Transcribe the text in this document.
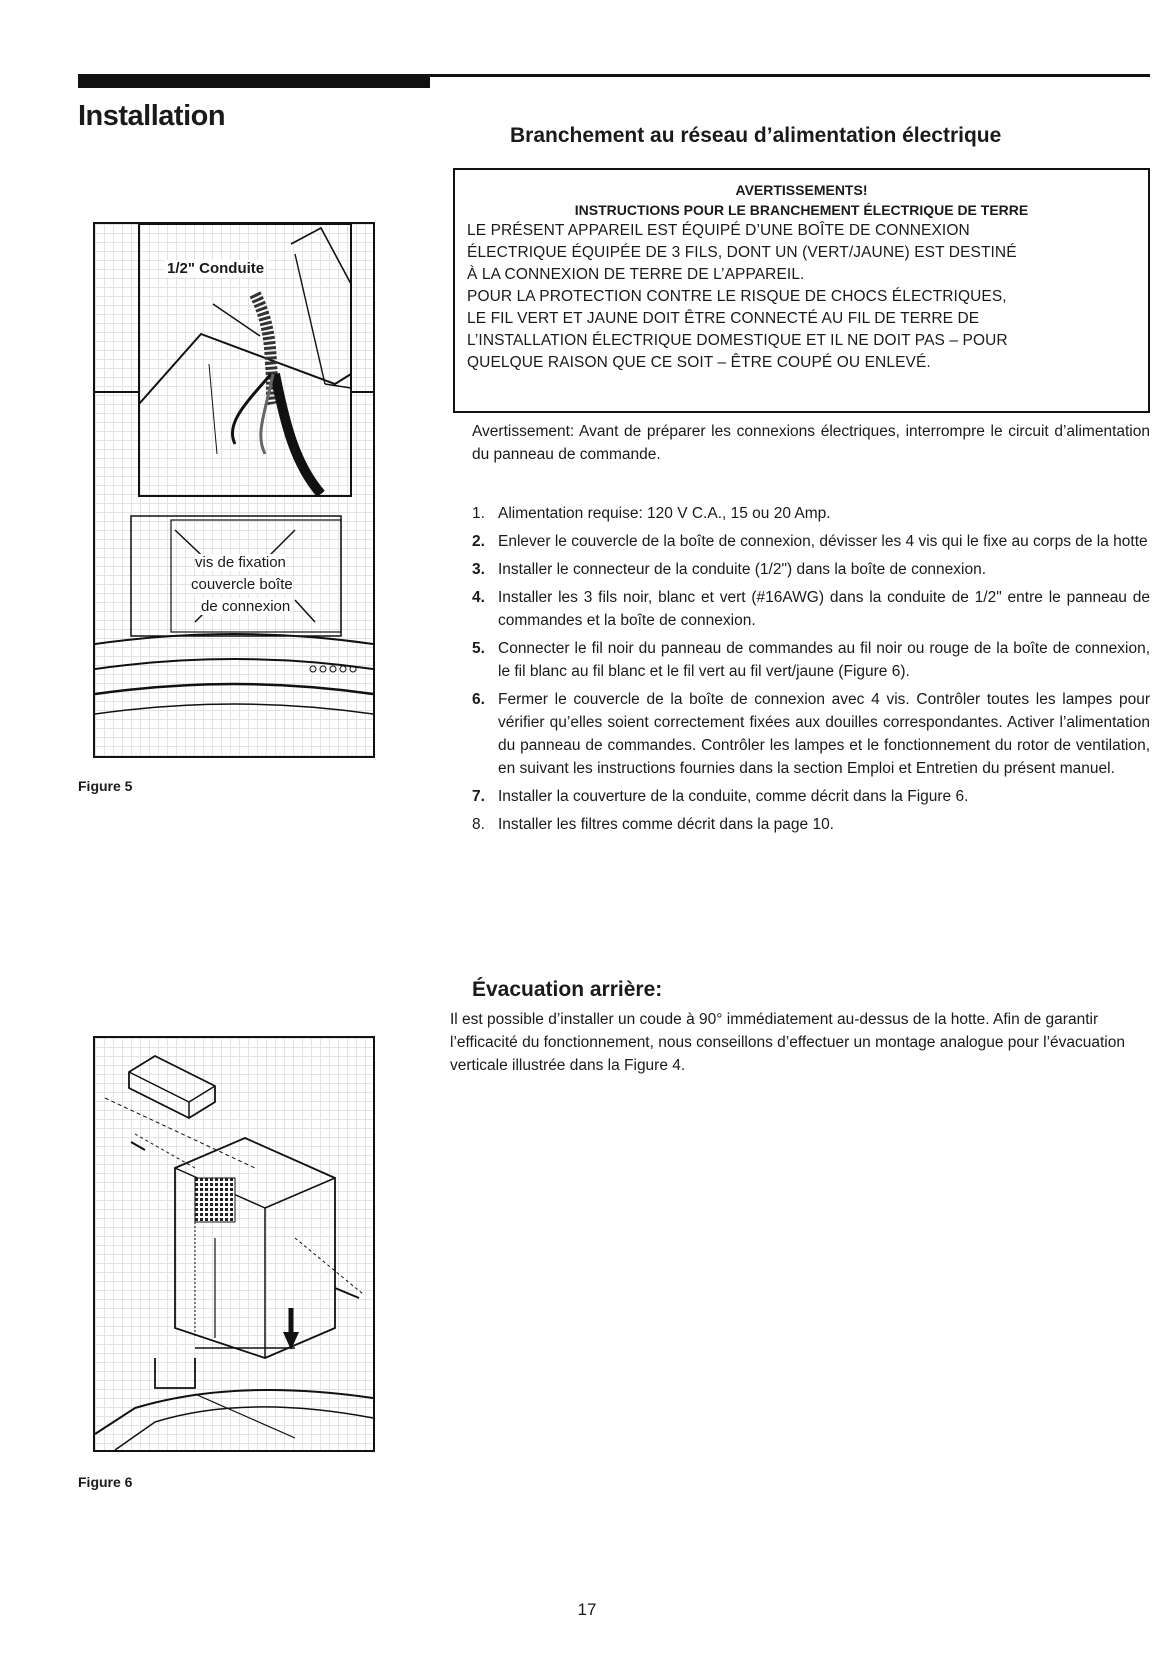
Installation
1/2" Conduite
vis de fixation
couvercle boîte
de connexion
Figure 5
Figure 6
Branchement au réseau d’alimentation électrique
AVERTISSEMENTS!
INSTRUCTIONS POUR LE BRANCHEMENT ÉLECTRIQUE DE TERRE
LE PRÉSENT APPAREIL EST ÉQUIPÉ D’UNE BOÎTE DE CONNEXION
ÉLECTRIQUE ÉQUIPÉE DE 3 FILS, DONT UN (VERT/JAUNE) EST DESTINÉ
À LA CONNEXION DE TERRE DE L’APPAREIL.
POUR LA PROTECTION CONTRE LE RISQUE DE CHOCS ÉLECTRIQUES,
LE FIL VERT ET JAUNE DOIT ÊTRE CONNECTÉ AU FIL DE TERRE DE
L’INSTALLATION ÉLECTRIQUE DOMESTIQUE ET IL NE DOIT PAS – POUR
QUELQUE RAISON QUE CE SOIT – ÊTRE COUPÉ OU ENLEVÉ.
Avertissement: Avant de préparer les connexions électriques, interrompre le circuit d’alimentation du panneau de commande.
1. Alimentation requise: 120 V C.A., 15 ou 20 Amp.
2. Enlever le couvercle de la boîte de connexion, dévisser les 4 vis qui le fixe au corps de la hotte
3. Installer le connecteur de la conduite (1/2") dans la boîte de connexion.
4. Installer les 3 fils noir, blanc et vert (#16AWG) dans la conduite de 1/2" entre le panneau de commandes et la boîte de connexion.
5. Connecter le fil noir du panneau de commandes au fil noir ou rouge de la boîte de connexion, le fil blanc au fil blanc et le fil vert au fil vert/jaune (Figure 6).
6. Fermer le couvercle de la boîte de connexion avec 4 vis. Contrôler toutes les lampes pour vérifier qu’elles soient correctement fixées aux douilles correspondantes. Activer l’alimentation du panneau de commandes. Contrôler les lampes et le fonctionnement du rotor de ventilation, en suivant les instructions fournies dans la section Emploi et Entretien du présent manuel.
7. Installer la couverture de la conduite, comme décrit dans la Figure 6.
8. Installer les filtres comme décrit dans la page 10.
Évacuation arrière:
Il est possible d’installer un coude à 90° immédiatement au-dessus de la hotte. Afin de garantir l’efficacité du fonctionnement, nous conseillons d’effectuer un montage analogue pour l’évacuation verticale illustrée dans la Figure 4.
17
